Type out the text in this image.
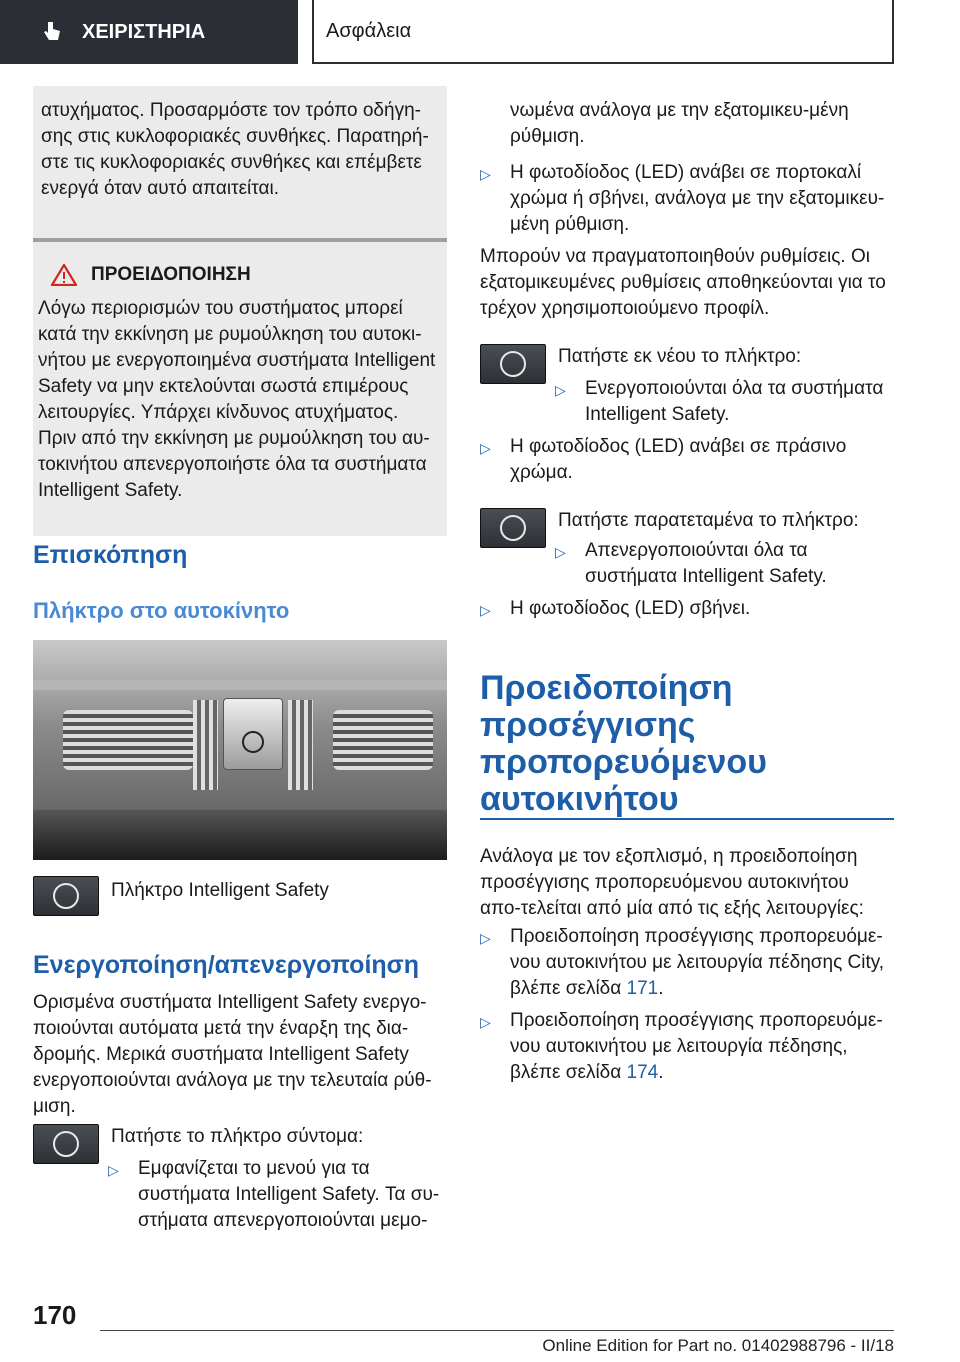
ΧΕΙΡΙΣΤΗΡΙΑ	Ασφάλεια

ατυχήματος. Προσαρμόστε τον τρόπο οδήγη-σης στις κυκλοφοριακές συνθήκες. Παρατηρή-στε τις κυκλοφοριακές συνθήκες και επέμβετε ενεργά όταν αυτό απαιτείται.

ΠΡΟΕΙΔΟΠΟΙΗΣΗ

Λόγω περιορισμών του συστήματος μπορεί κατά την εκκίνηση με ρυμούλκηση του αυτοκι-νήτου με ενεργοποιημένα συστήματα Intelligent Safety να μην εκτελούνται σωστά επιμέρους λειτουργίες. Υπάρχει κίνδυνος ατυχήματος. Πριν από την εκκίνηση με ρυμούλκηση του αυ-τοκινήτου απενεργοποιήστε όλα τα συστήματα Intelligent Safety.

Επισκόπηση
Πλήκτρο στο αυτοκίνητο
Πλήκτρο Intelligent Safety
Ενεργοποίηση/απενεργοποίηση

Ορισμένα συστήματα Intelligent Safety ενεργο-ποιούνται αυτόματα μετά την έναρξη της δια-δρομής. Μερικά συστήματα Intelligent Safety ενεργοποιούνται ανάλογα με την τελευταία ρύθ-μιση.

Πατήστε το πλήκτρο σύντομα:
▷	Εμφανίζεται το μενού για τα συστήματα Intelligent Safety. Τα συ-στήματα απενεργοποιούνται μεμο-

νωμένα ανάλογα με την εξατομικευ-μένη ρύθμιση.

▷	Η φωτοδίοδος (LED) ανάβει σε πορτοκαλί χρώμα ή σβήνει, ανάλογα με την εξατομικευ-μένη ρύθμιση.

Μπορούν να πραγματοποιηθούν ρυθμίσεις. Οι εξατομικευμένες ρυθμίσεις αποθηκεύονται για το τρέχον χρησιμοποιούμενο προφίλ.

Πατήστε εκ νέου το πλήκτρο:
▷	Ενεργοποιούνται όλα τα συστήματα Intelligent Safety.
▷	Η φωτοδίοδος (LED) ανάβει σε πράσινο χρώμα.
Πατήστε παρατεταμένα το πλήκτρο:
▷	Απενεργοποιούνται όλα τα συστήματα Intelligent Safety.
▷	Η φωτοδίοδος (LED) σβήνει.
Προειδοποίηση προσέγγισης προπορευόμενου αυτοκινήτου

Ανάλογα με τον εξοπλισμό, η προειδοποίηση προσέγγισης προπορευόμενου αυτοκινήτου απο-τελείται από μία από τις εξής λειτουργίες:

▷	Προειδοποίηση προσέγγισης προπορευόμε-νου αυτοκινήτου με λειτουργία πέδησης City, βλέπε σελίδα 171.
▷	Προειδοποίηση προσέγγισης προπορευόμε-νου αυτοκινήτου με λειτουργία πέδησης, βλέπε σελίδα 174.
170
Online Edition for Part no. 01402988796 - II/18
